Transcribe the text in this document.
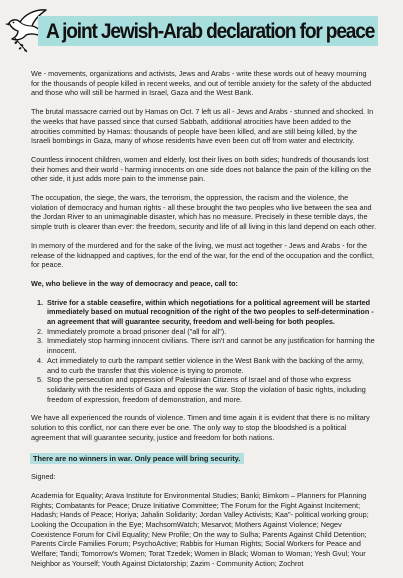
A joint Jewish-Arab declaration for peace

We - movements, organizations and activists, Jews and Arabs - write these words out of heavy mourning for the thousands of people killed in recent weeks, and out of terrible anxiety for the safety of the abducted and those who will still be harmed in Israel, Gaza and the West Bank.

The brutal massacre carried out by Hamas on Oct. 7 left us all - Jews and Arabs - stunned and shocked. In the weeks that have passed since that cursed Sabbath, additional atrocities have been added to the atrocities committed by Hamas: thousands of people have been killed, and are still being killed, by the Israeli bombings in Gaza, many of whose residents have even been cut off from water and electricity.

Countless innocent children, women and elderly, lost their lives on both sides; hundreds of thousands lost their homes and their world - harming innocents on one side does not balance the pain of the killing on the other side, it just adds more pain to the immense pain.

The occupation, the siege, the wars, the terrorism, the oppression, the racism and the violence, the violation of democracy and human rights - all these brought the two peoples who live between the sea and the Jordan River to an unimaginable disaster, which has no measure. Precisely in these terrible days, the simple truth is clearer than ever: the freedom, security and life of all living in this land depend on each other.

In memory of the murdered and for the sake of the living, we must act together - Jews and Arabs - for the release of the kidnapped and captives, for the end of the war, for the end of the occupation and the conflict, for peace.

We, who believe in the way of democracy and peace, call to:

1. Strive for a stable ceasefire, within which negotiations for a political agreement will be started immediately based on mutual recognition of the right of the two peoples to self-determination - an agreement that will guarantee security, freedom and well-being for both peoples.
2. Immediately promote a broad prisoner deal ("all for all").
3. Immediately stop harming innocent civilians. There isn't and cannot be any justification for harming the innocent.
4. Act immediately to curb the rampant settler violence in the West Bank with the backing of the army, and to curb the transfer that this violence is trying to promote.
5. Stop the persecution and oppression of Palestinian Citizens of Israel and of those who express solidarity with the residents of Gaza and oppose the war. Stop the violation of basic rights, including freedom of expression, freedom of demonstration, and more.

We have all experienced the rounds of violence. Timen and time again it is evident that there is no military solution to this conflict, nor can there ever be one. The only way to stop the bloodshed is a political agreement that will guarantee security, justice and freedom for both nations.

There are no winners in war. Only peace will bring security.

Signed:

Academia for Equality; Arava Institute for Environmental Studies; Banki; Bimkom – Planners for Planning Rights; Combatants for Peace; Druze Initiative Committee; The Forum for the Fight Against Incitement; Hadash; Hands of Peace; Horiya; Jahalin Solidarity; Jordan Valley Activists; Kaa"- political working group; Looking the Occupation in the Eye; MachsomWatch; Mesarvot; Mothers Against Violence; Negev Coexistence Forum for Civil Equality; New Profile; On the way to Sulha; Parents Against Child Detention; Parents Circle Families Forum; PsychoActive; Rabbis for Human Rights; Social Workers for Peace and Welfare; Tandi; Tomorrow's Women; Torat Tzedek; Women in Black; Woman to Woman; Yesh Gvul; Your Neighbor as Yourself; Youth Against Dictatorship; Zazim - Community Action; Zochrot
